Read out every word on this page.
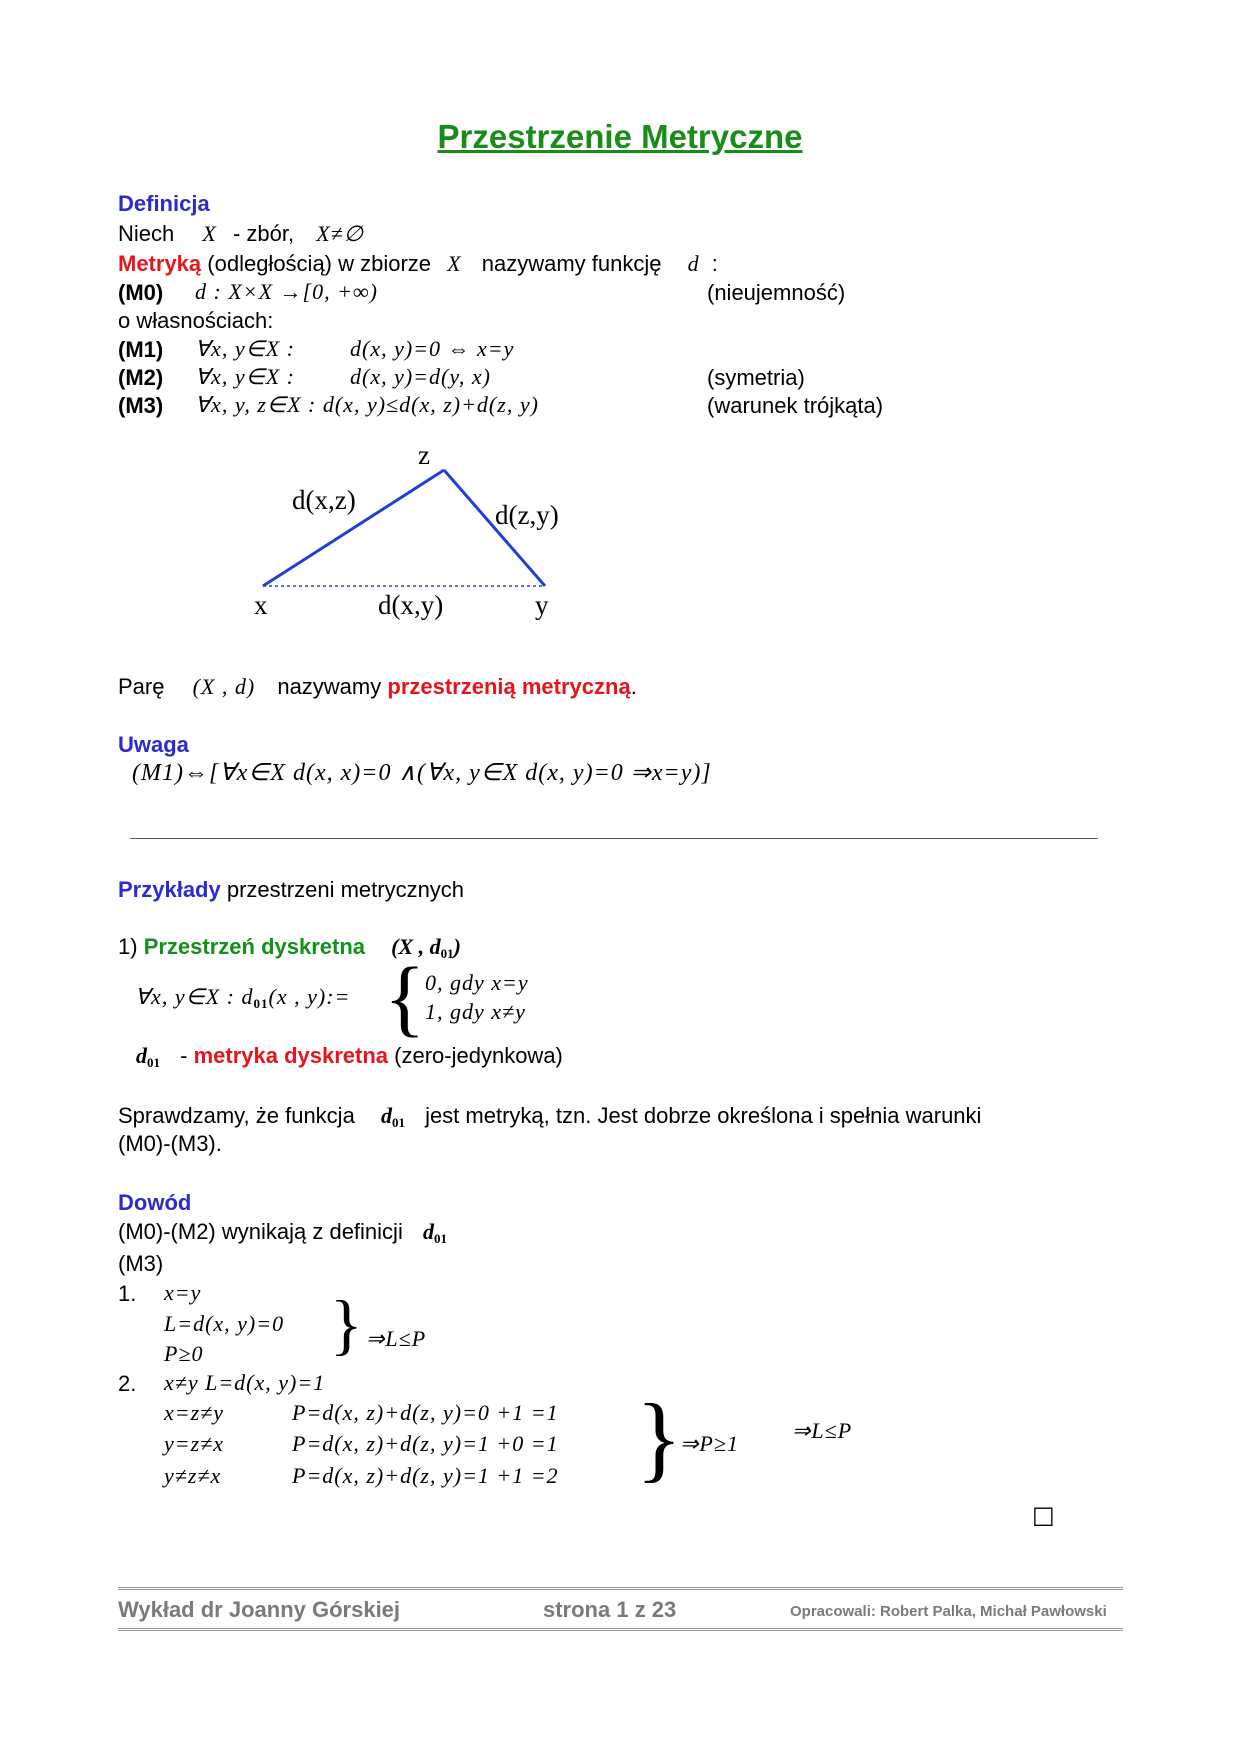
Przestrzenie Metryczne
Definicja
Niech X - zbór, X≠∅
Metryką (odległością) w zbiorze X nazywamy funkcję d :
(M0) d : X×X →[0, +∞)	(nieujemność)
o własnościach:
(M1) ∀x, y∈X : d(x, y)=0 ⇔ x=y
(M2) ∀x, y∈X : d(x, y)=d(y, x)	(symetria)
(M3) ∀x, y, z∈X : d(x, y)≤d(x, z)+d(z, y)	(warunek trójkąta)
z
x	y
d(x,z)	d(z,y)
d(x,y)
Parę (X , d) nazywamy przestrzenią metryczną.
Uwaga
(M1)⇔[∀x∈X d(x, x)=0 ∧(∀x, y∈X d(x, y)=0 ⇒x=y)]
Przykłady przestrzeni metrycznych
1) Przestrzeń dyskretna (X , $d_{01}$)
∀x, y∈X : $d_{01}(x$ , y):= { 0, gdy x=y
1, gdy x≠y
$d_{01}$ - metryka dyskretna (zero-jedynkowa)
Sprawdzamy, że funkcja $d_{01}$ jest metryką, tzn. Jest dobrze określona i spełnia warunki
(M0)-(M3).
Dowód
(M0)-(M2) wynikają z definicji $d_{01}$
(M3)
1. x=y
L=d(x, y)=0
P≥0 } ⇒L≤P
2. x≠y L=d(x, y)=1
x=z≠y	P=d(x, z)+d(z, y)=0 +1 =1
y=z≠x	P=d(x, z)+d(z, y)=1 +0 =1
y≠z≠x	P=d(x, z)+d(z, y)=1 +1 =2 }
⇒P≥1
⇒L≤P
□
Wykład dr Joanny Górskiej	strona 1 z 23	Opracowali: Robert Palka, Michał Pawłowski
